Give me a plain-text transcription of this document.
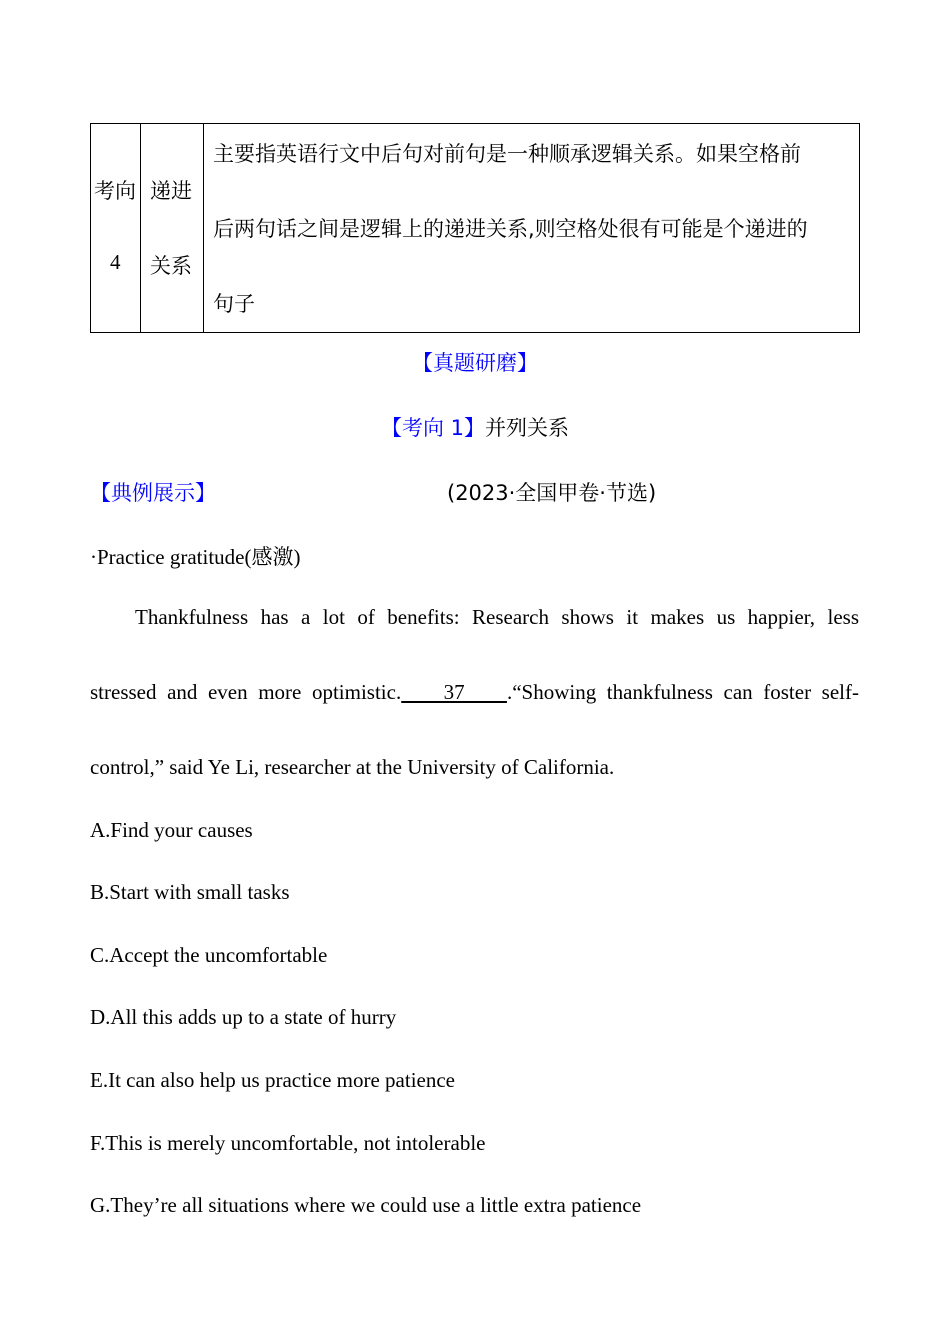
考向
4
递进
关系
主要指英语行文中后句对前句是一种顺承逻辑关系。如果空格前
后两句话之间是逻辑上的递进关系,则空格处很有可能是个递进的
句子
【真题研磨】
【考向 1】并列关系
【典例展示】	(2023·全国甲卷·节选)
·Practice gratitude(感激)
Thankfulness has a lot of benefits: Research shows it makes us happier, less
stressed and even more optimistic.    37    .“Showing thankfulness can foster self-
control,” said Ye Li, researcher at the University of California.
A.Find your causes
B.Start with small tasks
C.Accept the uncomfortable
D.All this adds up to a state of hurry
E.It can also help us practice more patience
F.This is merely uncomfortable, not intolerable
G.They’re all situations where we could use a little extra patience
